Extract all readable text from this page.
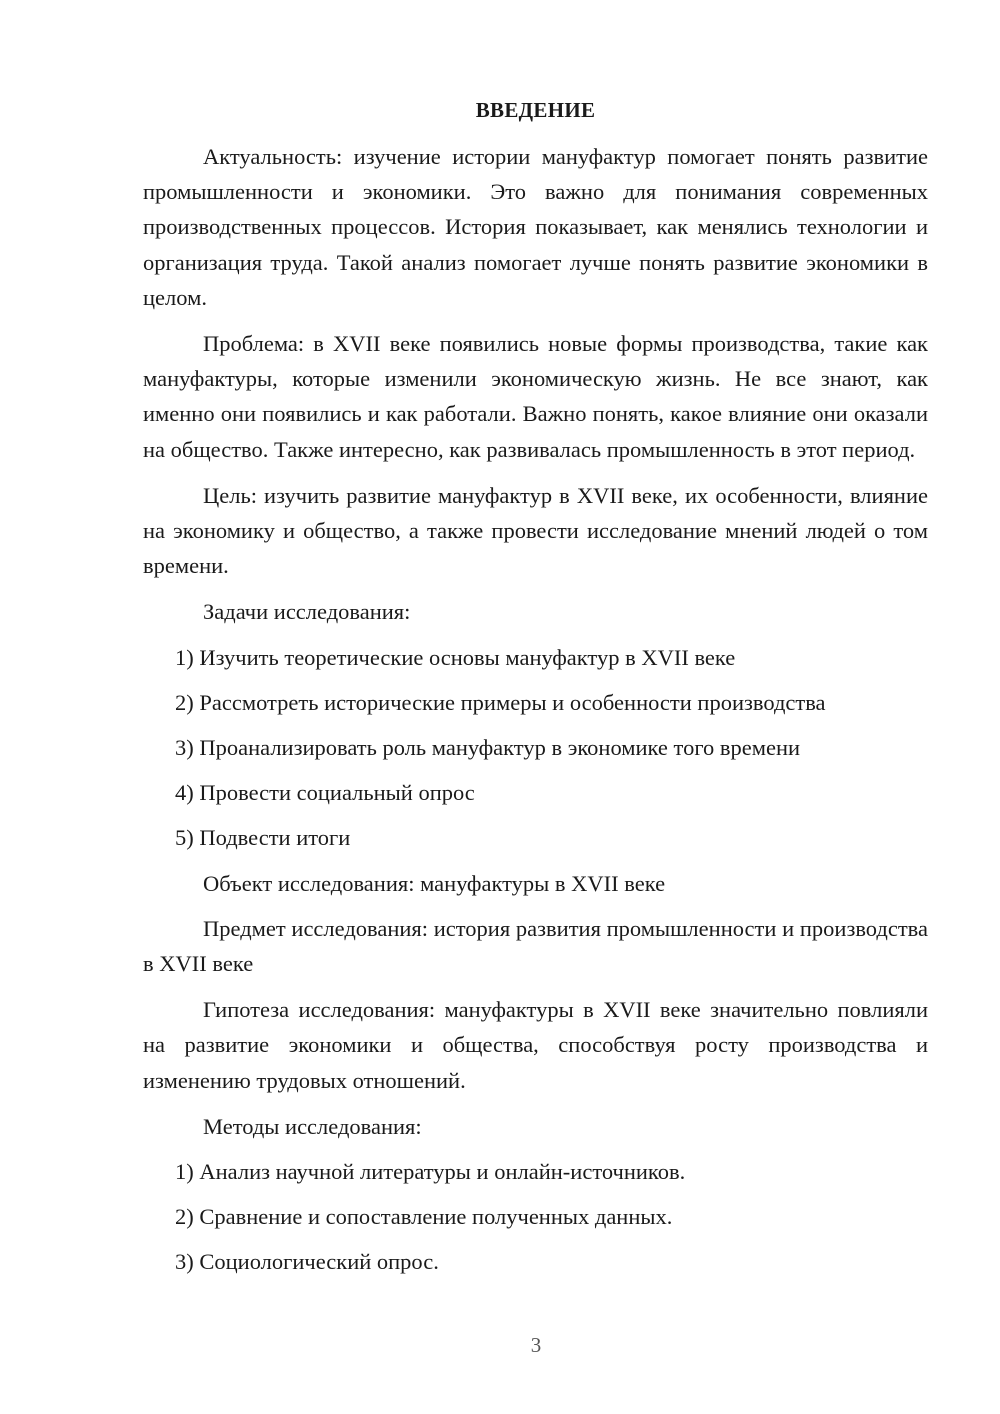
ВВЕДЕНИЕ

Актуальность: изучение истории мануфактур помогает понять развитие промышленности и экономики. Это важно для понимания современных производственных процессов. История показывает, как менялись технологии и организация труда. Такой анализ помогает лучше понять развитие экономики в целом.

Проблема: в XVII веке появились новые формы производства, такие как мануфактуры, которые изменили экономическую жизнь. Не все знают, как именно они появились и как работали. Важно понять, какое влияние они оказали на общество. Также интересно, как развивалась промышленность в этот период.

Цель: изучить развитие мануфактур в XVII веке, их особенности, влияние на экономику и общество, а также провести исследование мнений людей о том времени.

Задачи исследования:
1) Изучить теоретические основы мануфактур в XVII веке
2) Рассмотреть исторические примеры и особенности производства
3) Проанализировать роль мануфактур в экономике того времени
4) Провести социальный опрос
5) Подвести итоги
Объект исследования: мануфактуры в XVII веке

Предмет исследования: история развития промышленности и производства в XVII веке

Гипотеза исследования: мануфактуры в XVII веке значительно повлияли на развитие экономики и общества, способствуя росту производства и изменению трудовых отношений.

Методы исследования:
1) Анализ научной литературы и онлайн-источников.
2) Сравнение и сопоставление полученных данных.
3) Социологический опрос.
3
